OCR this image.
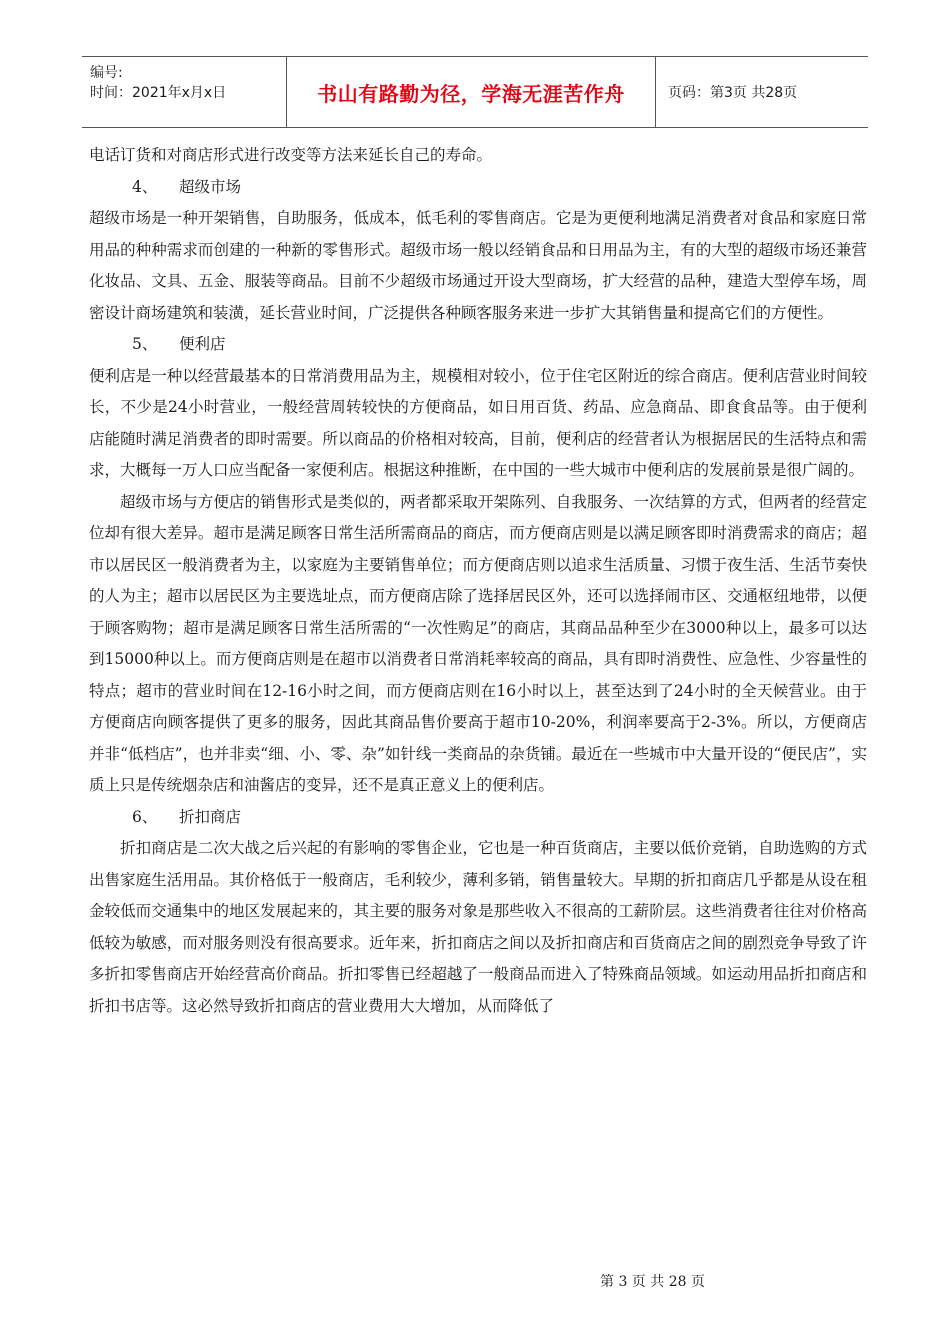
编号:
时间：2021年x月x日	书山有路勤为径，学海无涯苦作舟	页码：第3页 共28页

电话订货和对商店形式进行改变等方法来延长自己的寿命。

4、 超级市场

超级市场是一种开架销售，自助服务，低成本，低毛利的零售商店。它是为更便利地满足消费者对食品和家庭日常用品的种种需求而创建的一种新的零售形式。超级市场一般以经销食品和日用品为主，有的大型的超级市场还兼营化妆品、文具、五金、服装等商品。目前不少超级市场通过开设大型商场，扩大经营的品种，建造大型停车场，周密设计商场建筑和装潢，延长营业时间，广泛提供各种顾客服务来进一步扩大其销售量和提高它们的方便性。

5、 便利店

便利店是一种以经营最基本的日常消费用品为主，规模相对较小，位于住宅区附近的综合商店。便利店营业时间较长，不少是24小时营业，一般经营周转较快的方便商品，如日用百货、药品、应急商品、即食食品等。由于便利店能随时满足消费者的即时需要。所以商品的价格相对较高，目前，便利店的经营者认为根据居民的生活特点和需求，大概每一万人口应当配备一家便利店。根据这种推断，在中国的一些大城市中便利店的发展前景是很广阔的。

超级市场与方便店的销售形式是类似的，两者都采取开架陈列、自我服务、一次结算的方式，但两者的经营定位却有很大差异。超市是满足顾客日常生活所需商品的商店，而方便商店则是以满足顾客即时消费需求的商店；超市以居民区一般消费者为主，以家庭为主要销售单位；而方便商店则以追求生活质量、习惯于夜生活、生活节奏快的人为主；超市以居民区为主要选址点，而方便商店除了选择居民区外，还可以选择闹市区、交通枢纽地带，以便于顾客购物；超市是满足顾客日常生活所需的“一次性购足”的商店，其商品品种至少在3000种以上，最多可以达到15000种以上。而方便商店则是在超市以消费者日常消耗率较高的商品，具有即时消费性、应急性、少容量性的特点；超市的营业时间在12-16小时之间，而方便商店则在16小时以上，甚至达到了24小时的全天候营业。由于方便商店向顾客提供了更多的服务，因此其商品售价要高于超市10-20%，利润率要高于2-3%。所以，方便商店并非“低档店”，也并非卖“细、小、零、杂”如针线一类商品的杂货铺。最近在一些城市中大量开设的“便民店”，实质上只是传统烟杂店和油酱店的变异，还不是真正意义上的便利店。

6、 折扣商店

折扣商店是二次大战之后兴起的有影响的零售企业，它也是一种百货商店，主要以低价竞销，自助选购的方式出售家庭生活用品。其价格低于一般商店，毛利较少，薄利多销，销售量较大。早期的折扣商店几乎都是从设在租金较低而交通集中的地区发展起来的，其主要的服务对象是那些收入不很高的工薪阶层。这些消费者往往对价格高低较为敏感，而对服务则没有很高要求。近年来，折扣商店之间以及折扣商店和百货商店之间的剧烈竞争导致了许多折扣零售商店开始经营高价商品。折扣零售已经超越了一般商品而进入了特殊商品领域。如运动用品折扣商店和折扣书店等。这必然导致折扣商店的营业费用大大增加，从而降低了

第 3 页 共 28 页
